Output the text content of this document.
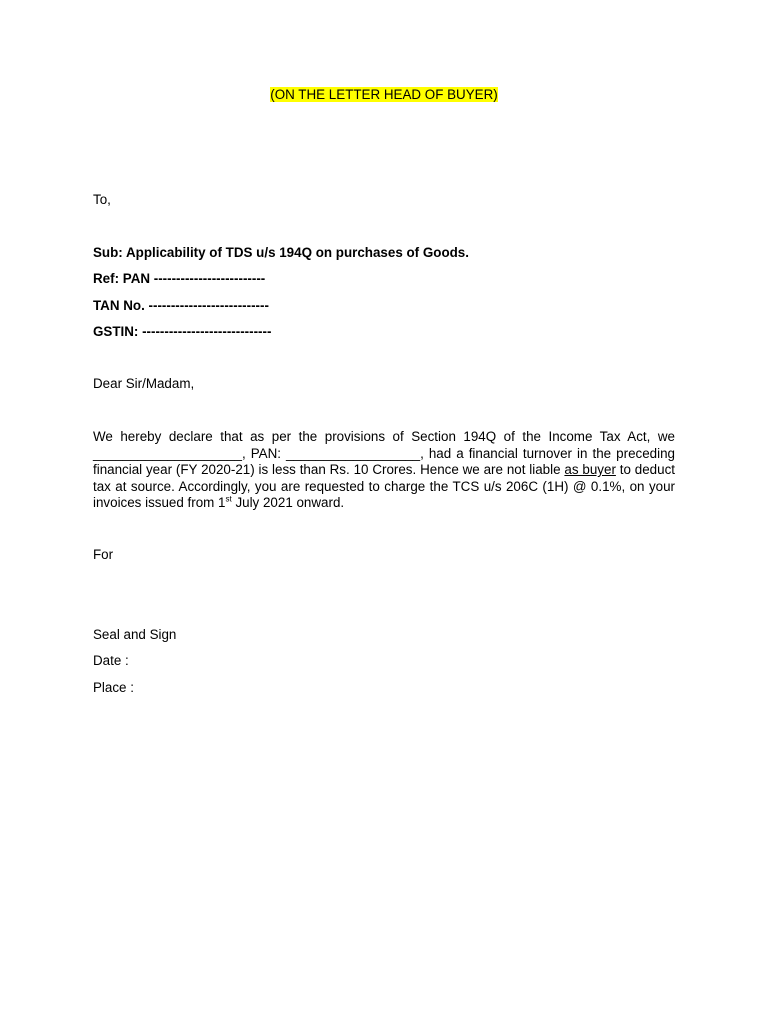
(ON THE LETTER HEAD OF BUYER)
To,
Sub: Applicability of TDS u/s 194Q on purchases of Goods.
Ref: PAN -------------------------
TAN No. ---------------------------
GSTIN: -----------------------------
Dear Sir/Madam,
We hereby declare that as per the provisions of Section 194Q of the Income Tax Act, we ____________________, PAN: __________________, had a financial turnover in the preceding financial year (FY 2020-21) is less than Rs. 10 Crores. Hence we are not liable as buyer to deduct tax at source. Accordingly, you are requested to charge the TCS u/s 206C (1H) @ 0.1%, on your invoices issued from 1st July 2021 onward.
For
Seal and Sign
Date :
Place :
